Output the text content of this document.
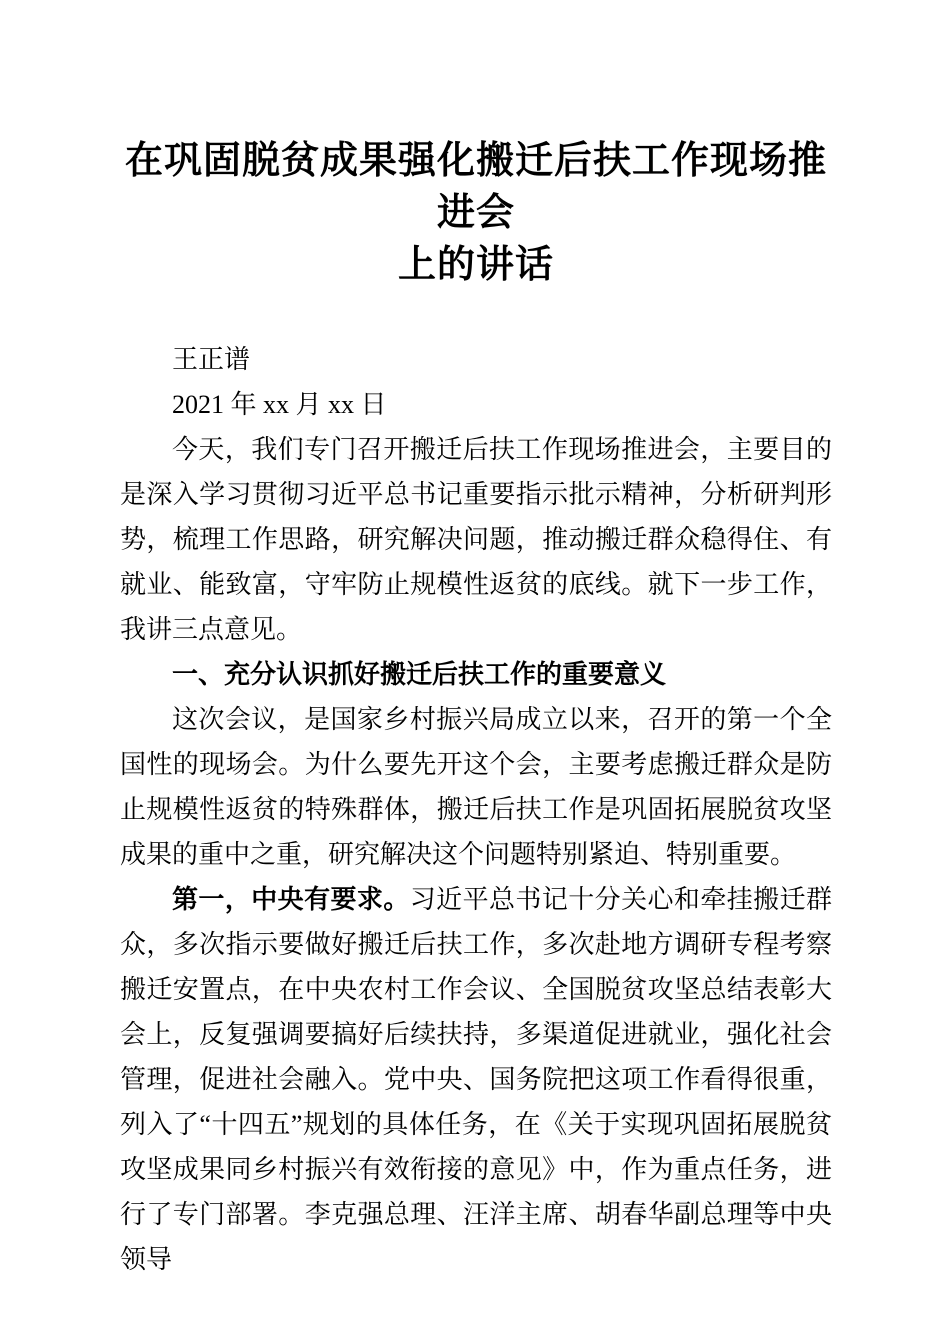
在巩固脱贫成果强化搬迁后扶工作现场推进会
上的讲话

王正谱

2021 年 xx 月 xx 日

今天，我们专门召开搬迁后扶工作现场推进会，主要目的是深入学习贯彻习近平总书记重要指示批示精神，分析研判形势，梳理工作思路，研究解决问题，推动搬迁群众稳得住、有就业、能致富，守牢防止规模性返贫的底线。就下一步工作，我讲三点意见。

一、充分认识抓好搬迁后扶工作的重要意义

这次会议，是国家乡村振兴局成立以来，召开的第一个全国性的现场会。为什么要先开这个会，主要考虑搬迁群众是防止规模性返贫的特殊群体，搬迁后扶工作是巩固拓展脱贫攻坚成果的重中之重，研究解决这个问题特别紧迫、特别重要。

第一，中央有要求。习近平总书记十分关心和牵挂搬迁群众，多次指示要做好搬迁后扶工作，多次赴地方调研专程考察搬迁安置点，在中央农村工作会议、全国脱贫攻坚总结表彰大会上，反复强调要搞好后续扶持，多渠道促进就业，强化社会管理，促进社会融入。党中央、国务院把这项工作看得很重，列入了“十四五”规划的具体任务，在《关于实现巩固拓展脱贫攻坚成果同乡村振兴有效衔接的意见》中，作为重点任务，进行了专门部署。李克强总理、汪洋主席、胡春华副总理等中央领导
